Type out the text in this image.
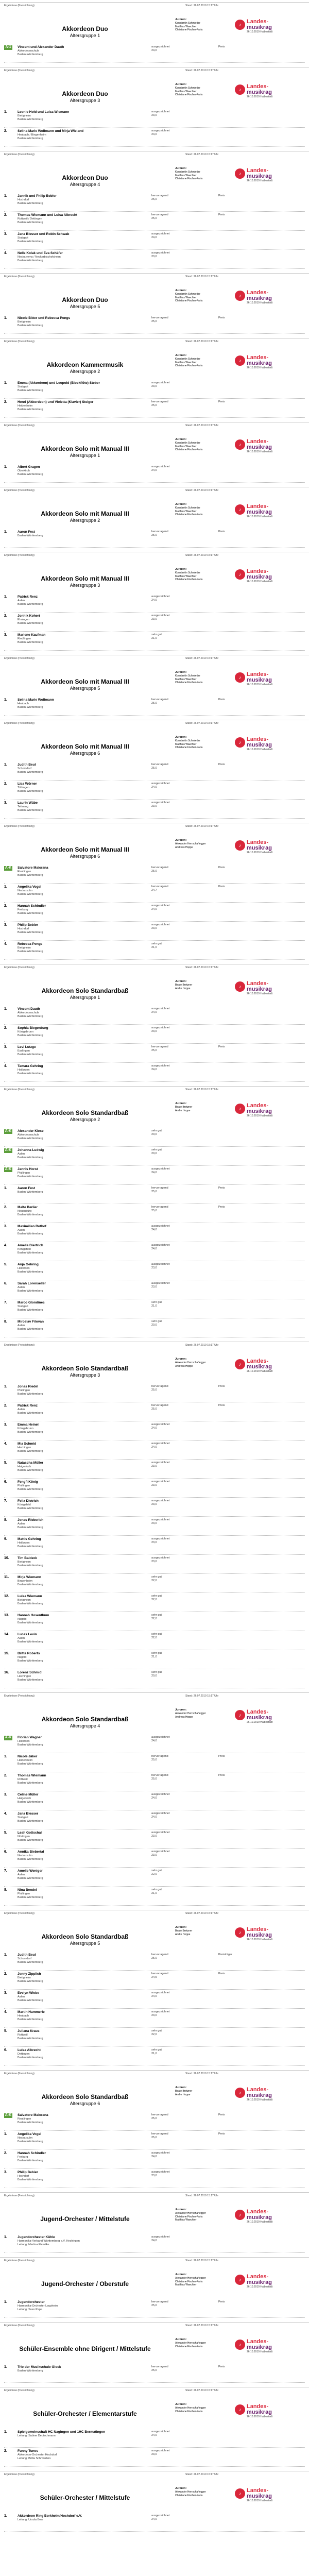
Ergebnisse (Preisrichtung)	Stand: 26.07.2019 15:17 Uhr
Juroren:
Konstantin Schmieder
Matthias Waechter
Christiane Fischer-Faria
♪ Landes-
musikrag
26.10.2019 Halbestadt
Akkordeon Duo
Altersgruppe 1
A-1	Vincent und Alexander Dauth
Akkordeonschule
Baden-Württemberg
ausgezeichnet
24,0
Preis
Ergebnisse (Preisrichtung)	Stand: 26.07.2019 15:17 Uhr
Juroren:
Konstantin Schmieder
Matthias Waechter
Christiane Fischer-Faria
♪ Landes-
musikrag
26.10.2019 Halbestadt
Akkordeon Duo
Altersgruppe 3
1.	Leonie Hold und Luisa Wiemann
Bietigheim
Baden-Württemberg
ausgezeichnet
23,0
2.	Selina Marie Wollmann und Mirja Wieland
Heubach / Bingenheim
Baden-Württemberg
ausgezeichnet
24,0
Ergebnisse (Preisrichtung)	Stand: 26.07.2019 15:17 Uhr
Juroren:
Konstantin Schmieder
Matthias Waechter
Christiane Fischer-Faria
♪ Landes-
musikrag
26.10.2019 Halbestadt
Akkordeon Duo
Altersgruppe 4
1.	Jannik und Philip Bebier
Hochdorf
Baden-Württemberg
hervorragend
25,0
Preis
2.	Thomas Wiemann und Luisa Albrecht
Rottweil / Dettingen
Baden-Württemberg
hervorragend
25,0
Preis
3.	Jana Blesser und Robin Schwab
Stuttgart
Baden-Württemberg
ausgezeichnet
24,0
4.	Nelle Kolak und Eva Schäfer
Neckarrems / Neckarbischofsheim
Baden-Württemberg
ausgezeichnet
23,0
Ergebnisse (Preisrichtung)	Stand: 26.07.2019 15:17 Uhr
Juroren:
Konstantin Schmieder
Matthias Waechter
Christiane Fischer-Faria
♪ Landes-
musikrag
26.10.2019 Halbestadt
Akkordeon Duo
Altersgruppe 5
1.	Nicole Bitter und Rebecca Pongs
Bietigheim
Baden-Württemberg
hervorragend
25,0
Preis
Ergebnisse (Preisrichtung)	Stand: 26.07.2019 15:17 Uhr
Juroren:
Konstantin Schmieder
Matthias Waechter
Christiane Fischer-Faria
♪ Landes-
musikrag
26.10.2019 Halbestadt
Akkordeon Kammermusik
Altersgruppe 2
1.	Emma (Akkordeon) und Leopold (Blockflöte) Steber
Stuttgart
Baden-Württemberg
ausgezeichnet
23,0
2.	Henri (Akkordeon) und Violetta (Klavier) Steiger
Heidenheim
Baden-Württemberg
hervorragend
25,0
Preis
Ergebnisse (Preisrichtung)	Stand: 26.07.2019 15:17 Uhr
Juroren:
Konstantin Schmieder
Matthias Waechter
Christiane Fischer-Faria
♪ Landes-
musikrag
26.10.2019 Halbestadt
Akkordeon Solo mit Manual III
Altersgruppe 1
1.	Albert Gragen
Oberkirch
Baden-Württemberg
ausgezeichnet
24,0
Ergebnisse (Preisrichtung)	Stand: 26.07.2019 15:17 Uhr
Juroren:
Konstantin Schmieder
Matthias Waechter
Christiane Fischer-Faria
♪ Landes-
musikrag
26.10.2019 Halbestadt
Akkordeon Solo mit Manual III
Altersgruppe 2
1.	Aaron Fest
Baden-Württemberg
hervorragend
25,0
Preis
Ergebnisse (Preisrichtung)	Stand: 26.07.2019 15:17 Uhr
Juroren:
Konstantin Schmieder
Matthias Waechter
Christiane Fischer-Faria
♪ Landes-
musikrag
26.10.2019 Halbestadt
Akkordeon Solo mit Manual III
Altersgruppe 3
1.	Patrick Renz
Aalen
Baden-Württemberg
ausgezeichnet
24,0
2.	Jonhik Kohert
Ehningen
Baden-Württemberg
ausgezeichnet
23,0
3.	Marlene Kaufman
Riedlingen
Baden-Württemberg
sehr gut
21,0
Ergebnisse (Preisrichtung)	Stand: 26.07.2019 15:17 Uhr
Juroren:
Konstantin Schmieder
Matthias Waechter
Christiane Fischer-Faria
♪ Landes-
musikrag
26.10.2019 Halbestadt
Akkordeon Solo mit Manual III
Altersgruppe 5
1.	Selina Marie Wollmann
Heubach
Baden-Württemberg
hervorragend
25,0
Preis
Ergebnisse (Preisrichtung)	Stand: 26.07.2019 15:17 Uhr
Juroren:
Konstantin Schmieder
Matthias Waechter
Christiane Fischer-Faria
♪ Landes-
musikrag
26.10.2019 Halbestadt
Akkordeon Solo mit Manual III
Altersgruppe 6
1.	Judith Beul
Schorndorf
Baden-Württemberg
hervorragend
25,0
Preis
2.	Lisa Wörner
Tübingen
Baden-Württemberg
ausgezeichnet
24,0
3.	Laurin Wäbe
Tettnang
Baden-Württemberg
ausgezeichnet
23,0
Ergebnisse (Preisrichtung)	Stand: 26.07.2019 15:17 Uhr
Juroren:
Alexander Herrschaftegger
Andreas Hoppe	♪ Landes-
musikrag
26.10.2019 Halbestadt
Akkordeon Solo mit Manual III
Altersgruppe 6
A-K Salvatore Maiorana
Reutlingen
Baden-Württemberg
hervorragend
25,0
Preis
1.	Angelika Vogel
Neckarsulm
Baden-Württemberg
hervorragend
24,7
Preis
2.	Hannah Schindler
Freiburg
Baden-Württemberg
ausgezeichnet
24,0
3.	Philip Bebier
Hochdorf
Baden-Württemberg
ausgezeichnet
23,0
4.	Rebecca Pongs
Bietigheim
Baden-Württemberg
sehr gut
21,0
Ergebnisse (Preisrichtung)	Stand: 26.07.2019 15:17 Uhr
Juroren:
Beate Bretzner
Andre Hoppe	♪ Landes-
musikrag
26.10.2019 Halbestadt
Akkordeon Solo Standardbaß
Altersgruppe 1
1.	Vincent Dauth
Akkordeonschule
Baden-Württemberg
ausgezeichnet
24,0
2.	Sophia Blegenburg
Königsbrunn
Baden-Württemberg
ausgezeichnet
23,0
3.	Levi Lutzge
Esslingen
Baden-Württemberg
hervorragend
25,0
Preis
4.	Tamara Gehring
Heilbronn
Baden-Württemberg
ausgezeichnet
24,0
Ergebnisse (Preisrichtung)	Stand: 26.07.2019 15:17 Uhr
Juroren:
Beate Bretzner
Andre Hoppe	♪ Landes-
musikrag
26.10.2019 Halbestadt
Akkordeon Solo Standardbaß
Altersgruppe 2
A-K Alexander Kiese
Akkordeonschule
Baden-Württemberg
sehr gut
20,0
A-K Johanna Ludwig
Aalen
Baden-Württemberg
sehr gut
20,0
A-K Jannis Horst
Pfullingen
Baden-Württemberg
ausgezeichnet
24,0
1.	Aaron Fest
Baden-Württemberg
hervorragend
25,0
Preis
2.	Malte Berlier
Neuenbürg
Baden-Württemberg
hervorragend
25,0
Preis
3.	Maximilian Rothof
Aalen
Baden-Württemberg
ausgezeichnet
24,0
4.	Amelie Diertrich
Königsfeld
Baden-Württemberg
ausgezeichnet
24,0
5.	Anja Gehring
Heilbronn
Baden-Württemberg
ausgezeichnet
23,0
6.	Sarah Lorenseller
Aalen
Baden-Württemberg
ausgezeichnet
23,0
7.	Marco Glondinec
Stuttgart
Baden-Württemberg
sehr gut
21,0
8.	Miroslav Filovan
Aalen
Baden-Württemberg
sehr gut
20,0
Ergebnisse (Preisrichtung)	Stand: 26.07.2019 15:17 Uhr
Juroren:
Alexander Herrschaftegger
Andreas Hoppe	♪ Landes-
musikrag
26.10.2019 Halbestadt
Akkordeon Solo Standardbaß
Altersgruppe 3
1.	Jonas Riedel
Pfullingen
Baden-Württemberg
hervorragend
25,0
Preis
2.	Patrick Renz
Aalen
Baden-Württemberg
hervorragend
25,0
Preis
3.	Emma Heinel
Königsbrunn
Baden-Württemberg
ausgezeichnet
24,0
4.	Mia Schmid
Hechingen
Baden-Württemberg
ausgezeichnet
24,0
5.	Natascha Müller
Haigerloch
Baden-Württemberg
ausgezeichnet
23,0
6.	Fengfi König
Pfullingen
Baden-Württemberg
ausgezeichnet
23,0
7.	Felix Dietrich
Königsfeld
Baden-Württemberg
ausgezeichnet
23,0
8.	Jonas Rieberich
Aalen
Baden-Württemberg
ausgezeichnet
23,0
9.	Mattis Gehring
Heilbronn
Baden-Württemberg
ausgezeichnet
23,0
10.	Tim Baldeck
Bietigheim
Baden-Württemberg
ausgezeichnet
23,0
11.	Mirja Wiemann
Bingenheim
Baden-Württemberg
sehr gut
22,0
12.	Luisa Wiemann
Bietigheim
Baden-Württemberg
sehr gut
22,0
13.	Hannah Hosenthum
Nagold
Baden-Württemberg
sehr gut
22,0
14.	Lucas Levin
Aalen
Baden-Württemberg
sehr gut
22,0
15.	Britta Roberts
Nagold
Baden-Württemberg
sehr gut
21,0
16.	Lorenz Schmid
Hechingen
Baden-Württemberg
sehr gut
20,0
Ergebnisse (Preisrichtung)	Stand: 26.07.2019 15:17 Uhr
Juroren:
Alexander Herrschaftegger
Andreas Hoppe	♪ Landes-
musikrag
26.10.2019 Halbestadt
Akkordeon Solo Standardbaß
Altersgruppe 4
A-K Florian Wagner
Heilbronn
Baden-Württemberg
ausgezeichnet
24,0
1.	Nicole Jäker
Heidenheim
Baden-Württemberg
hervorragend
25,0
Preis
2.	Thomas Wiemann
Rottweil
Baden-Württemberg
hervorragend
25,0
Preis
3.	Celine Müller
Haigerloch
Baden-Württemberg
ausgezeichnet
24,0
4.	Jana Blesser
Stuttgart
Baden-Württemberg
ausgezeichnet
24,0
5.	Leah Gottschal
Nürtingen
Baden-Württemberg
ausgezeichnet
23,0
6.	Annika Biebertal
Neckarsulm
Baden-Württemberg
ausgezeichnet
23,0
7.	Amelie Weniger
Aalen
Baden-Württemberg
sehr gut
22,0
8.	Nina Bendel
Pfullingen
Baden-Württemberg
sehr gut
21,0
Ergebnisse (Preisrichtung)	Stand: 26.07.2019 15:17 Uhr
Juroren:
Beate Bretzner
Andre Hoppe	♪ Landes-
musikrag
26.10.2019 Halbestadt
Akkordeon Solo Standardbaß
Altersgruppe 5
1.	Judith Beul
Schorndorf
Baden-Württemberg
hervorragend
25,0
Preisträger
2.	Jenny Zipplich
Bietigheim
Baden-Württemberg
hervorragend
24,5
Preis
3.	Evelyn Wiebe
Aalen
Baden-Württemberg
ausgezeichnet
24,0
4.	Martin Hammerle
Heubach
Baden-Württemberg
ausgezeichnet
23,0
5.	Juliana Kraus
Rottweil
Baden-Württemberg
sehr gut
22,0
6.	Luisa Albrecht
Dettingen
Baden-Württemberg
sehr gut
21,0
Ergebnisse (Preisrichtung)	Stand: 26.07.2019 15:17 Uhr
Juroren:
Beate Bretzner
Andre Hoppe	♪ Landes-
musikrag
26.10.2019 Halbestadt
Akkordeon Solo Standardbaß
Altersgruppe 6
A-K Salvatore Maiorana
Reutlingen
Baden-Württemberg
hervorragend
25,0
Preis
1.	Angelika Vogel
Neckarsulm
Baden-Württemberg
hervorragend
25,0
Preis
2.	Hannah Schindler
Freiburg
Baden-Württemberg
ausgezeichnet
24,0
3.	Philip Bebier
Hochdorf
Baden-Württemberg
ausgezeichnet
23,0
Ergebnisse (Preisrichtung)	Stand: 26.07.2019 15:17 Uhr
Juroren:
Alexander Herrschaftegger
Christiane Fischer-Faria
Matthias Waechter
♪ Landes-
musikrag
26.10.2019 Halbestadt
Jugend-Orchester / Mittelstufe
1.	Jugendorchester Kühle
Harmonika-Verband Württemberg e.V. Hechingen
Leitung: Martina Flekelke
ausgezeichnet
24,0
Ergebnisse (Preisrichtung)	Stand: 26.07.2019 15:17 Uhr
Juroren:
Alexander Herrschaftegger
Christiane Fischer-Faria
Matthias Waechter
♪ Landes-
musikrag
26.10.2019 Halbestadt
Jugend-Orchester / Oberstufe
1.	Jugendorchester
Harmonika-Orchester Laupheim
Leitung: Sven Papa
hervorragend
25,0
Preis
Ergebnisse (Preisrichtung)	Stand: 26.07.2019 15:17 Uhr
Juroren:
Alexander Herrschaftegger
Christiane Fischer-Faria	♪ Landes-
musikrag
26.10.2019 Halbestadt
Schüler-Ensemble ohne Dirigent / Mittelstufe
1.	Trio der Musikschule Glock
Baden-Württemberg
hervorragend
25,0
Preis
Ergebnisse (Preisrichtung)	Stand: 26.07.2019 15:17 Uhr
Juroren:
Alexander Herrschaftegger
Christiane Fischer-Faria	♪ Landes-
musikrag
26.10.2019 Halbestadt
Schüler-Orchester / Elementarstufe
1.	Spielgemeinschaft HC Nagingen und 1HC Bermatingen
Leitung: Sabine Deutschmann
ausgezeichnet
24,0
2.	Funny Tunes
Akkordeon-Orchester Hochdorf
Leitung: Britta Schmieders
ausgezeichnet
23,0
Ergebnisse (Preisrichtung)	Stand: 26.07.2019 15:17 Uhr
Juroren:
Alexander Herrschaftegger
Christiane Fischer-Faria	♪ Landes-
musikrag
26.10.2019 Halbestadt
Schüler-Orchester / Mittelstufe
1.	Akkordeon Ring Berkheim/Hochdorf e.V.
Leitung: Ursula Beer
ausgezeichnet
24,0
